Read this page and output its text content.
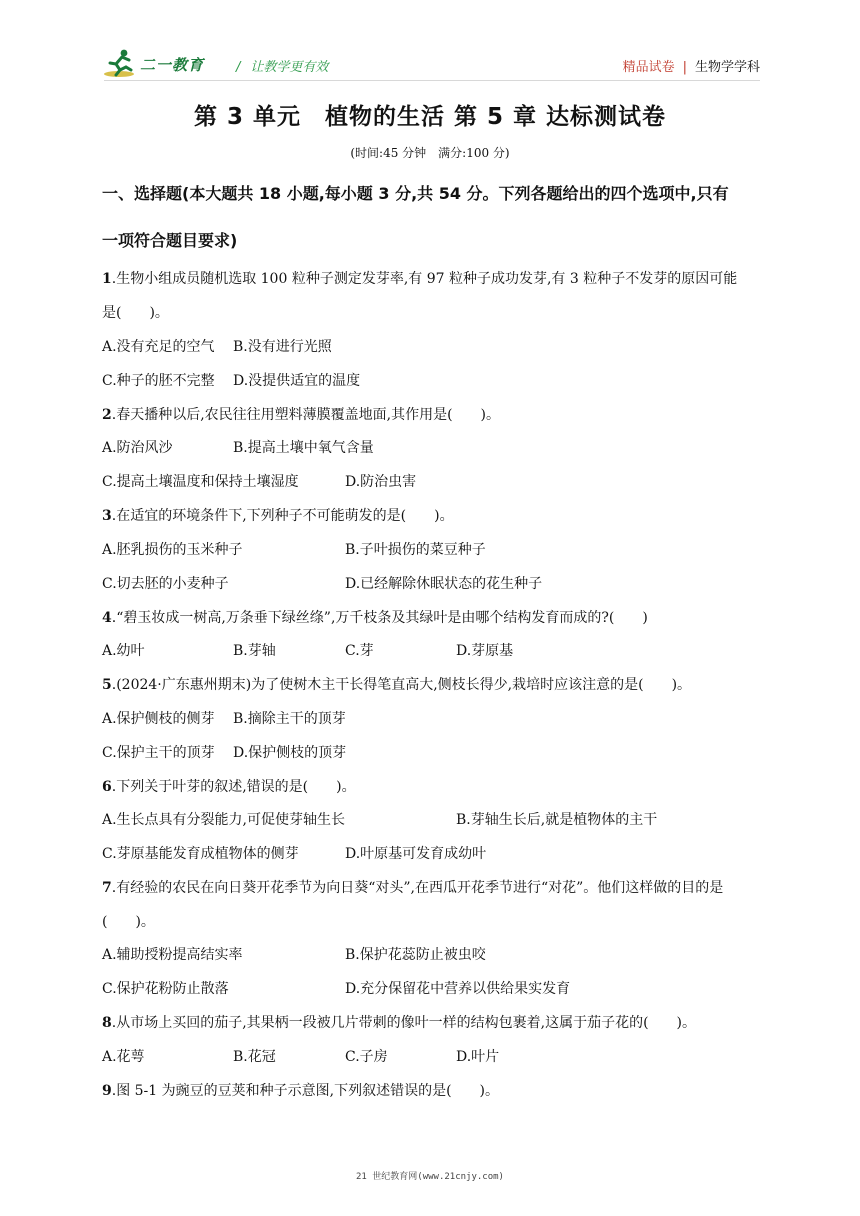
二一教育 / 让教学更有效	精品试卷 | 生物学学科
第 3 单元　植物的生活 第 5 章 达标测试卷
(时间:45 分钟　满分:100 分)
一、选择题(本大题共 18 小题,每小题 3 分,共 54 分。下列各题给出的四个选项中,只有
一项符合题目要求)
1.生物小组成员随机选取 100 粒种子测定发芽率,有 97 粒种子成功发芽,有 3 粒种子不发芽的原因可能
是(　　)。
A.没有充足的空气 B.没有进行光照
C.种子的胚不完整 D.没提供适宜的温度
2.春天播种以后,农民往往用塑料薄膜覆盖地面,其作用是(　　)。
A.防治风沙	B.提高土壤中氧气含量
C.提高土壤温度和保持土壤湿度	D.防治虫害
3.在适宜的环境条件下,下列种子不可能萌发的是(　　)。
A.胚乳损伤的玉米种子	B.子叶损伤的菜豆种子
C.切去胚的小麦种子	D.已经解除休眠状态的花生种子
4.“碧玉妆成一树高,万条垂下绿丝绦”,万千枝条及其绿叶是由哪个结构发育而成的?(　　)
A.幼叶	B.芽轴	C.芽	D.芽原基
5.(2024·广东惠州期末)为了使树木主干长得笔直高大,侧枝长得少,栽培时应该注意的是(　　)。
A.保护侧枝的侧芽 B.摘除主干的顶芽
C.保护主干的顶芽 D.保护侧枝的顶芽
6.下列关于叶芽的叙述,错误的是(　　)。
A.生长点具有分裂能力,可促使芽轴生长	B.芽轴生长后,就是植物体的主干
C.芽原基能发育成植物体的侧芽	D.叶原基可发育成幼叶
7.有经验的农民在向日葵开花季节为向日葵“对头”,在西瓜开花季节进行“对花”。他们这样做的目的是
(　　)。
A.辅助授粉提高结实率	B.保护花蕊防止被虫咬
C.保护花粉防止散落	D.充分保留花中营养以供给果实发育
8.从市场上买回的茄子,其果柄一段被几片带刺的像叶一样的结构包裹着,这属于茄子花的(　　)。
A.花萼	B.花冠	C.子房	D.叶片
9.图 5-1 为豌豆的豆荚和种子示意图,下列叙述错误的是(　　)。
21 世纪教育网(www.21cnjy.com)
